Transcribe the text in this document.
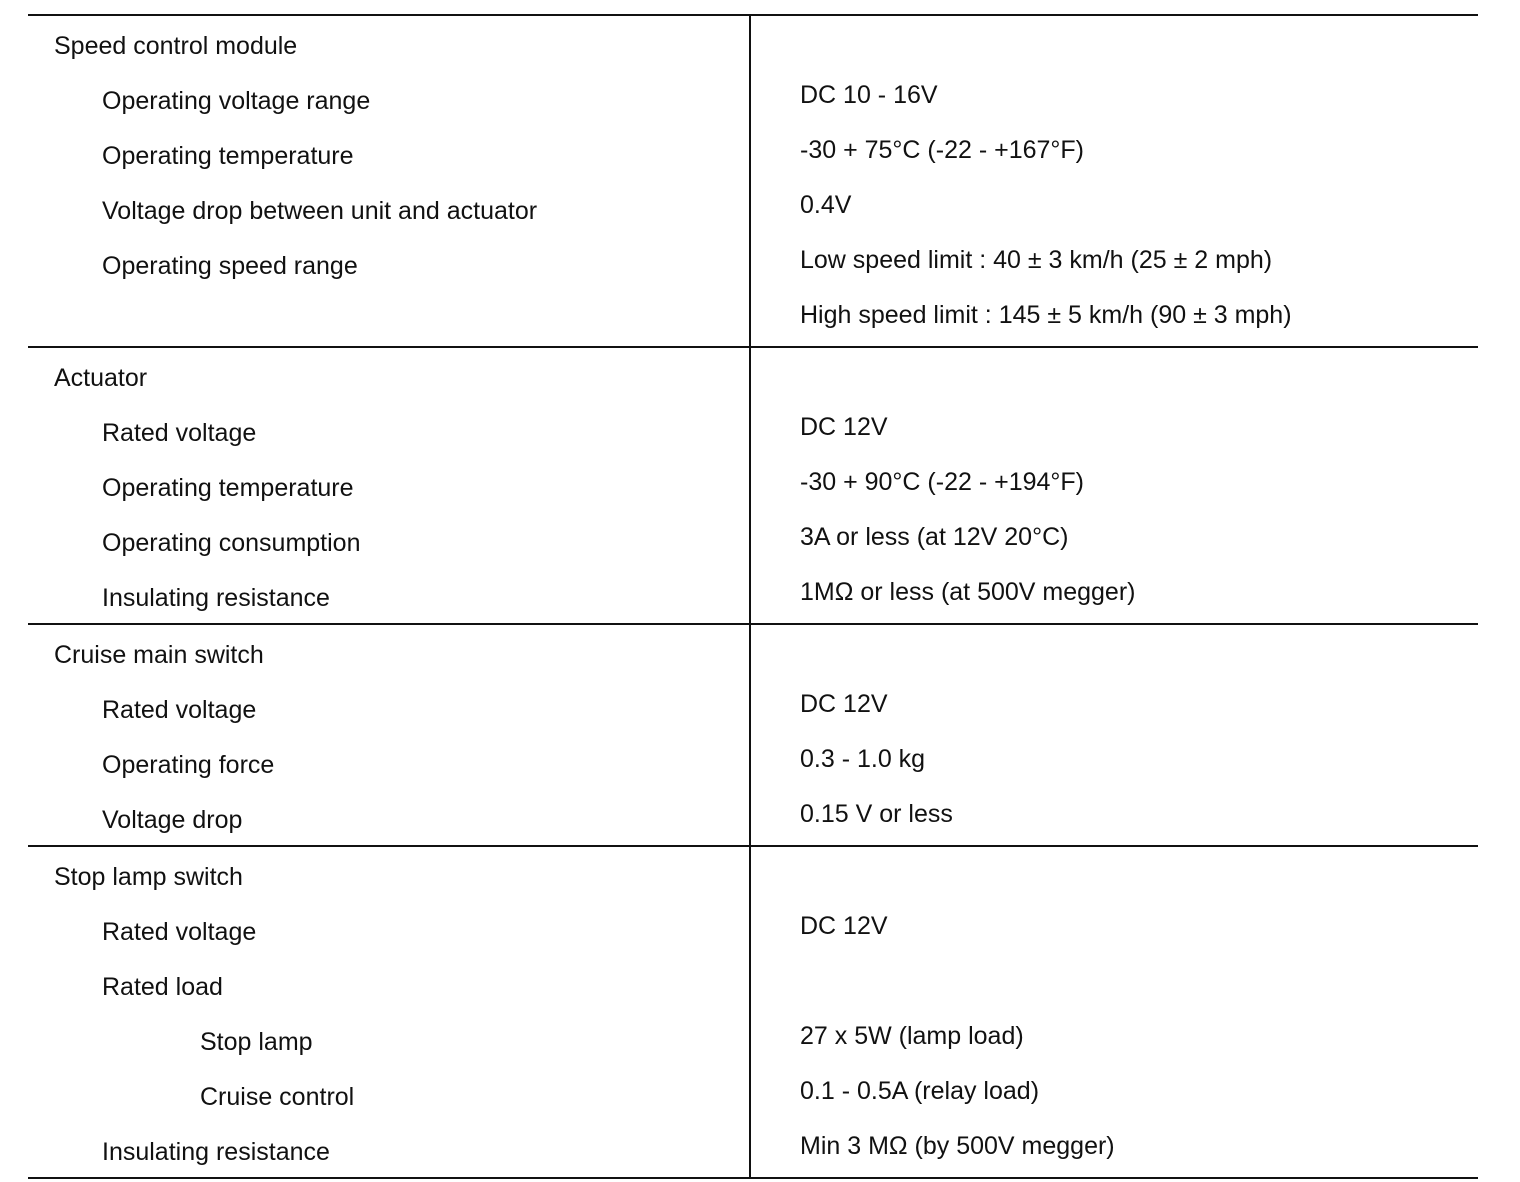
Speed control module
Operating voltage range	DC 10 - 16V
Operating temperature	-30 + 75°C (-22 - +167°F)
Voltage drop between unit and actuator	0.4V
Operating speed range	Low speed limit : 40 ± 3 km/h (25 ± 2 mph)
High speed limit : 145 ± 5 km/h (90 ± 3 mph)
Actuator
Rated voltage	DC 12V
Operating temperature	-30 + 90°C (-22 - +194°F)
Operating consumption	3A or less (at 12V 20°C)
Insulating resistance	1MΩ or less (at 500V megger)
Cruise main switch
Rated voltage	DC 12V
Operating force	0.3 - 1.0 kg
Voltage drop	0.15 V or less
Stop lamp switch
Rated voltage	DC 12V
Rated load
Stop lamp	27 x 5W (lamp load)
Cruise control	0.1 - 0.5A (relay load)
Insulating resistance	Min 3 MΩ (by 500V megger)
